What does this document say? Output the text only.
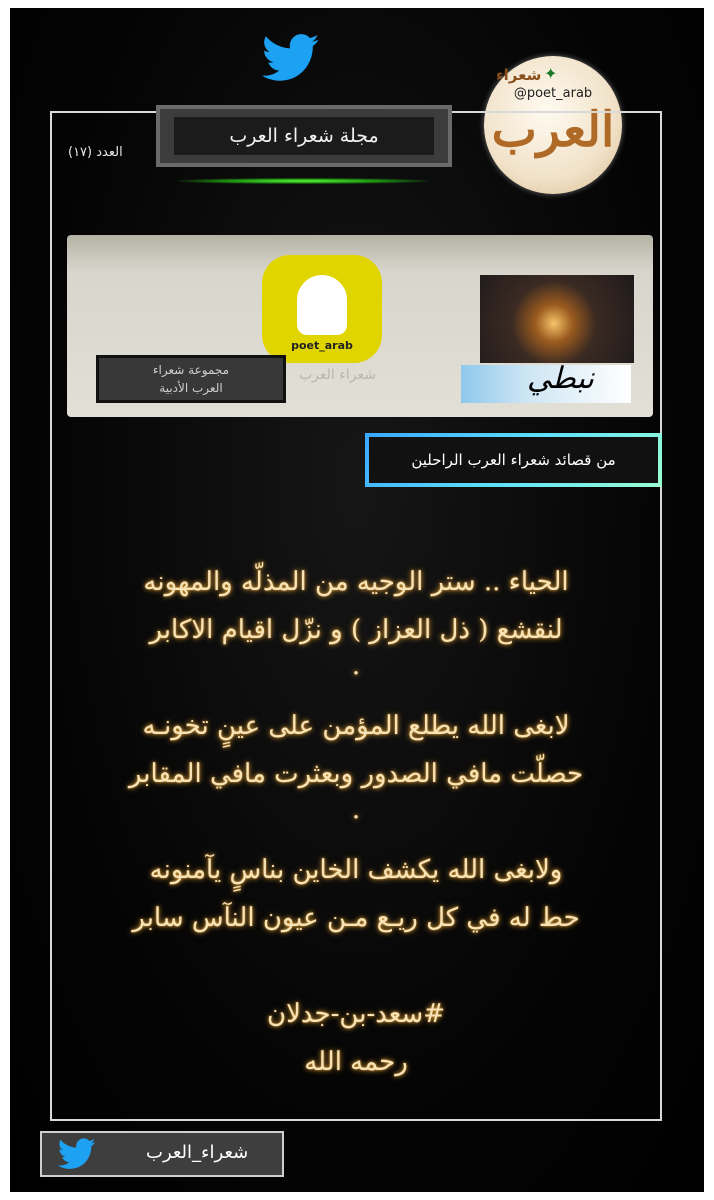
✦
شعراء
@poet_arab
العرب
مجلة شعراء العرب
العدد (١٧)
poet_arab
مجموعة شعراء
العرب الأدبية
شعراء العرب	نبطي
من قصائد شعراء العرب الراحلين
الحياء .. ستر الوجيه من المذلّه والمهونه
لنقشع ( ذل العزاز ) و نزّل اقيام الاكابر
.
لابغى الله يطلع المؤمن على عينٍ تخونـه
حصلّت مافي الصدور وبعثرت مافي المقابر
.
ولابغى الله يكشف الخاين بناسٍ يآمنونه
حط له في كل ريـع مـن عيون النآس سابر
#سعد-بن-جدلان
رحمه الله
شعراء_العرب
